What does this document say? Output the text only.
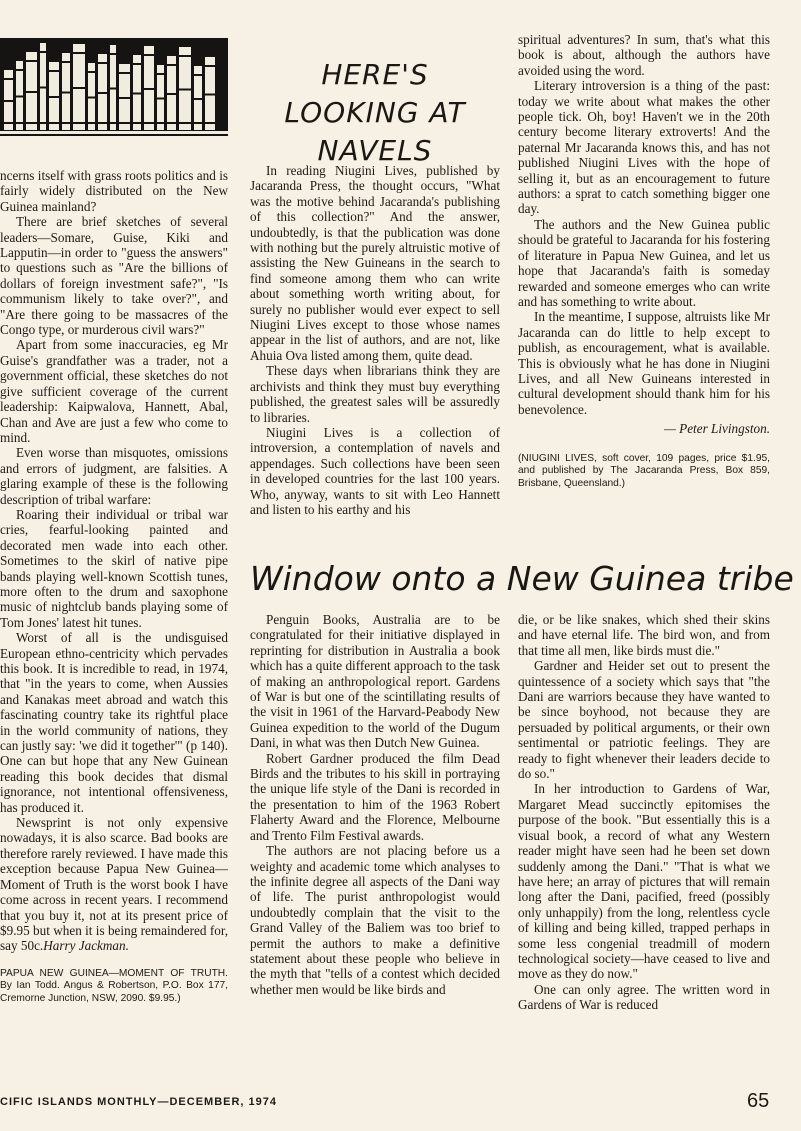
HERE'S LOOKING AT NAVELS

ncerns itself with grass roots politics and is fairly widely distributed on the New Guinea mainland?

There are brief sketches of several leaders—Somare, Guise, Kiki and Lapputin—in order to "guess the answers" to questions such as "Are the billions of dollars of foreign investment safe?", "Is communism likely to take over?", and "Are there going to be massacres of the Congo type, or murderous civil wars?"

Apart from some inaccuracies, eg Mr Guise's grandfather was a trader, not a government official, these sketches do not give sufficient coverage of the current leadership: Kaipwalova, Hannett, Abal, Chan and Ave are just a few who come to mind.

Even worse than misquotes, omissions and errors of judgment, are falsities. A glaring example of these is the following description of tribal warfare:

Roaring their individual or tribal war cries, fearful-looking painted and decorated men wade into each other. Sometimes to the skirl of native pipe bands playing well-known Scottish tunes, more often to the drum and saxophone music of nightclub bands playing some of Tom Jones' latest hit tunes.

Worst of all is the undisguised European ethno-centricity which pervades this book. It is incredible to read, in 1974, that "in the years to come, when Aussies and Kanakas meet abroad and watch this fascinating country take its rightful place in the world community of nations, they can justly say: 'we did it together'" (p 140). One can but hope that any New Guinean reading this book decides that dismal ignorance, not intentional offensiveness, has produced it.

Newsprint is not only expensive nowadays, it is also scarce. Bad books are therefore rarely reviewed. I have made this exception because Papua New Guinea—Moment of Truth is the worst book I have come across in recent years. I recommend that you buy it, not at its present price of $9.95 but when it is being remaindered for, say 50c.Harry Jackman.

PAPUA NEW GUINEA—MOMENT OF TRUTH. By Ian Todd. Angus & Robertson, P.O. Box 177, Cremorne Junction, NSW, 2090. $9.95.)

In reading Niugini Lives, published by Jacaranda Press, the thought occurs, "What was the motive behind Jacaranda's publishing of this collection?" And the answer, undoubtedly, is that the publication was done with nothing but the purely altruistic motive of assisting the New Guineans in the search to find someone among them who can write about something worth writing about, for surely no publisher would ever expect to sell Niugini Lives except to those whose names appear in the list of authors, and are not, like Ahuia Ova listed among them, quite dead.

These days when librarians think they are archivists and think they must buy everything published, the greatest sales will be assuredly to libraries.

Niugini Lives is a collection of introversion, a contemplation of navels and appendages. Such collections have been seen in developed countries for the last 100 years. Who, anyway, wants to sit with Leo Hannett and listen to his earthy and his

spiritual adventures? In sum, that's what this book is about, although the authors have avoided using the word.

Literary introversion is a thing of the past: today we write about what makes the other people tick. Oh, boy! Haven't we in the 20th century become literary extroverts! And the paternal Mr Jacaranda knows this, and has not published Niugini Lives with the hope of selling it, but as an encouragement to future authors: a sprat to catch something bigger one day.

The authors and the New Guinea public should be grateful to Jacaranda for his fostering of literature in Papua New Guinea, and let us hope that Jacaranda's faith is someday rewarded and someone emerges who can write and has something to write about.

In the meantime, I suppose, altruists like Mr Jacaranda can do little to help except to publish, as encouragement, what is available. This is obviously what he has done in Niugini Lives, and all New Guineans interested in cultural development should thank him for his benevolence.

— Peter Livingston.
(NIUGINI LIVES, soft cover, 109 pages, price $1.95, and published by The Jacaranda Press, Box 859, Brisbane, Queensland.)
Window onto a New Guinea tribe

Penguin Books, Australia are to be congratulated for their initiative displayed in reprinting for distribution in Australia a book which has a quite different approach to the task of making an anthropological report. Gardens of War is but one of the scintillating results of the visit in 1961 of the Harvard-Peabody New Guinea expedition to the world of the Dugum Dani, in what was then Dutch New Guinea.

Robert Gardner produced the film Dead Birds and the tributes to his skill in portraying the unique life style of the Dani is recorded in the presentation to him of the 1963 Robert Flaherty Award and the Florence, Melbourne and Trento Film Festival awards.

The authors are not placing before us a weighty and academic tome which analyses to the infinite degree all aspects of the Dani way of life. The purist anthropologist would undoubtedly complain that the visit to the Grand Valley of the Baliem was too brief to permit the authors to make a definitive statement about these people who believe in the myth that "tells of a contest which decided whether men would be like birds and

die, or be like snakes, which shed their skins and have eternal life. The bird won, and from that time all men, like birds must die."

Gardner and Heider set out to present the quintessence of a society which says that "the Dani are warriors because they have wanted to be since boyhood, not because they are persuaded by political arguments, or their own sentimental or patriotic feelings. They are ready to fight whenever their leaders decide to do so."

In her introduction to Gardens of War, Margaret Mead succinctly epitomises the purpose of the book. "But essentially this is a visual book, a record of what any Western reader might have seen had he been set down suddenly among the Dani." "That is what we have here; an array of pictures that will remain long after the Dani, pacified, freed (possibly only unhappily) from the long, relentless cycle of killing and being killed, trapped perhaps in some less congenial treadmill of modern technological society—have ceased to live and move as they do now."

One can only agree. The written word in Gardens of War is reduced

CIFIC ISLANDS MONTHLY—DECEMBER, 1974	65
